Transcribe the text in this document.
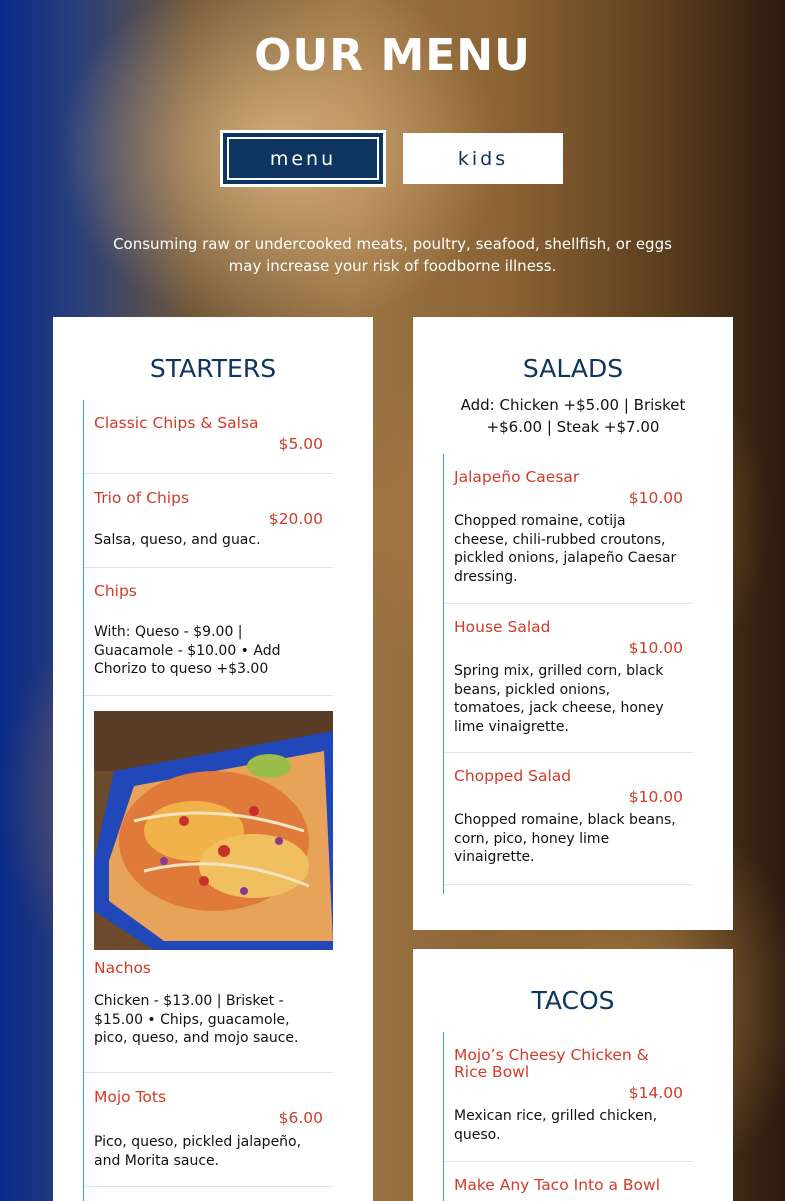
OUR MENU
menu	kids
Consuming raw or undercooked meats, poultry, seafood, shellfish, or eggs may increase your risk of foodborne illness.
STARTERS
Classic Chips & Salsa
$5.00
Trio of Chips
$20.00
Salsa, queso, and guac.
Chips
With: Queso - $9.00 | Guacamole - $10.00 • Add Chorizo to queso +$3.00
Nachos
Chicken - $13.00 | Brisket - $15.00 • Chips, guacamole, pico, queso, and mojo sauce.
Mojo Tots
$6.00
Pico, queso, pickled jalapeño, and Morita sauce.
SALADS
Add: Chicken +$5.00 | Brisket +$6.00 | Steak +$7.00
Jalapeño Caesar
$10.00
Chopped romaine, cotija cheese, chili-rubbed croutons, pickled onions, jalapeño Caesar dressing.
House Salad
$10.00
Spring mix, grilled corn, black beans, pickled onions, tomatoes, jack cheese, honey lime vinaigrette.
Chopped Salad
$10.00
Chopped romaine, black beans, corn, pico, honey lime vinaigrette.
TACOS
Mojo’s Cheesy Chicken & Rice Bowl
$14.00
Mexican rice, grilled chicken, queso.
Make Any Taco Into a Bowl
